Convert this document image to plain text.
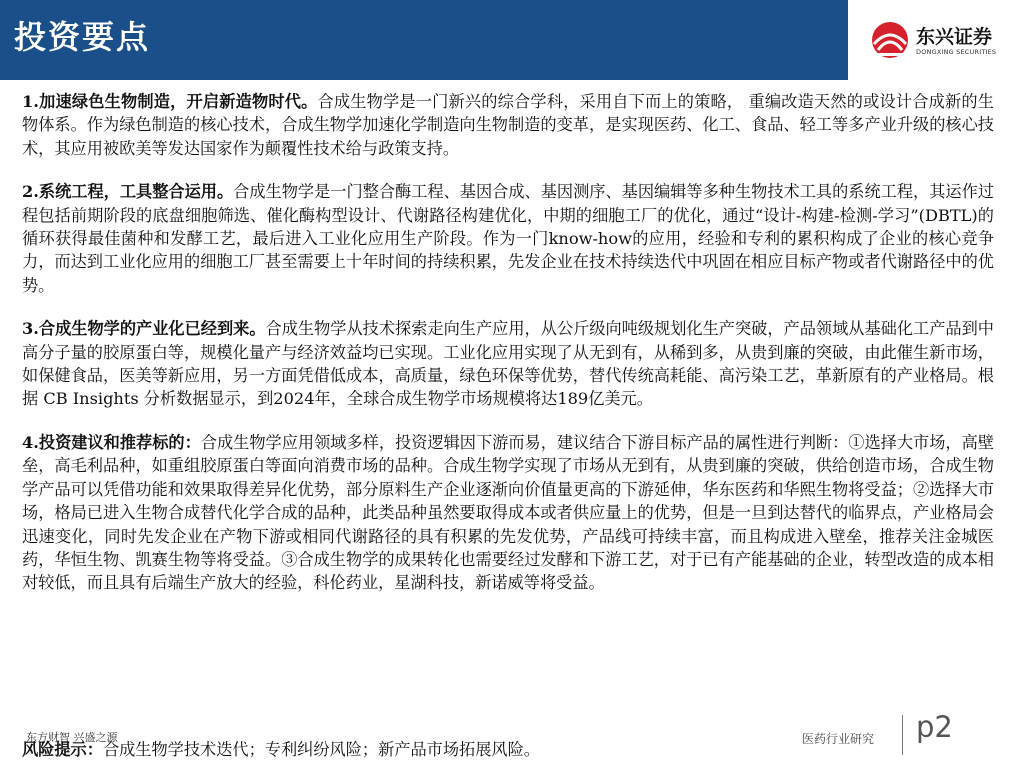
投资要点	东兴证券
DONGXING SECURITIES

1.加速绿色生物制造，开启新造物时代。合成生物学是一门新兴的综合学科，采用自下而上的策略， 重编改造天然的或设计合成新的生物体系。作为绿色制造的核心技术，合成生物学加速化学制造向生物制造的变革，是实现医药、化工、食品、轻工等多产业升级的核心技术，其应用被欧美等发达国家作为颠覆性技术给与政策支持。

2.系统工程，工具整合运用。合成生物学是一门整合酶工程、基因合成、基因测序、基因编辑等多种生物技术工具的系统工程，其运作过程包括前期阶段的底盘细胞筛选、催化酶构型设计、代谢路径构建优化，中期的细胞工厂的优化，通过“设计-构建-检测-学习”(DBTL)的循环获得最佳菌种和发酵工艺，最后进入工业化应用生产阶段。作为一门know-how的应用，经验和专利的累积构成了企业的核心竞争力，而达到工业化应用的细胞工厂甚至需要上十年时间的持续积累，先发企业在技术持续迭代中巩固在相应目标产物或者代谢路径中的优势。

3.合成生物学的产业化已经到来。合成生物学从技术探索走向生产应用，从公斤级向吨级规划化生产突破，产品领域从基础化工产品到中高分子量的胶原蛋白等，规模化量产与经济效益均已实现。工业化应用实现了从无到有，从稀到多，从贵到廉的突破，由此催生新市场，如保健食品，医美等新应用，另一方面凭借低成本，高质量，绿色环保等优势，替代传统高耗能、高污染工艺，革新原有的产业格局。根据 CB Insights 分析数据显示，到2024年，全球合成生物学市场规模将达189亿美元。

4.投资建议和推荐标的：合成生物学应用领域多样，投资逻辑因下游而易，建议结合下游目标产品的属性进行判断：①选择大市场，高壁垒，高毛利品种，如重组胶原蛋白等面向消费市场的品种。合成生物学实现了市场从无到有，从贵到廉的突破，供给创造市场，合成生物学产品可以凭借功能和效果取得差异化优势，部分原料生产企业逐渐向价值量更高的下游延伸，华东医药和华熙生物将受益；②选择大市场，格局已进入生物合成替代化学合成的品种，此类品种虽然要取得成本或者供应量上的优势，但是一旦到达替代的临界点，产业格局会迅速变化，同时先发企业在产物下游或相同代谢路径的具有积累的先发优势，产品线可持续丰富，而且构成进入壁垒，推荐关注金城医药，华恒生物、凯赛生物等将受益。③合成生物学的成果转化也需要经过发酵和下游工艺，对于已有产能基础的企业，转型改造的成本相对较低，而且具有后端生产放大的经验，科伦药业，星湖科技，新诺威等将受益。

东方财智 兴盛之源
风险提示：合成生物学技术迭代；专利纠纷风险；新产品市场拓展风险。
医药行业研究 p2
